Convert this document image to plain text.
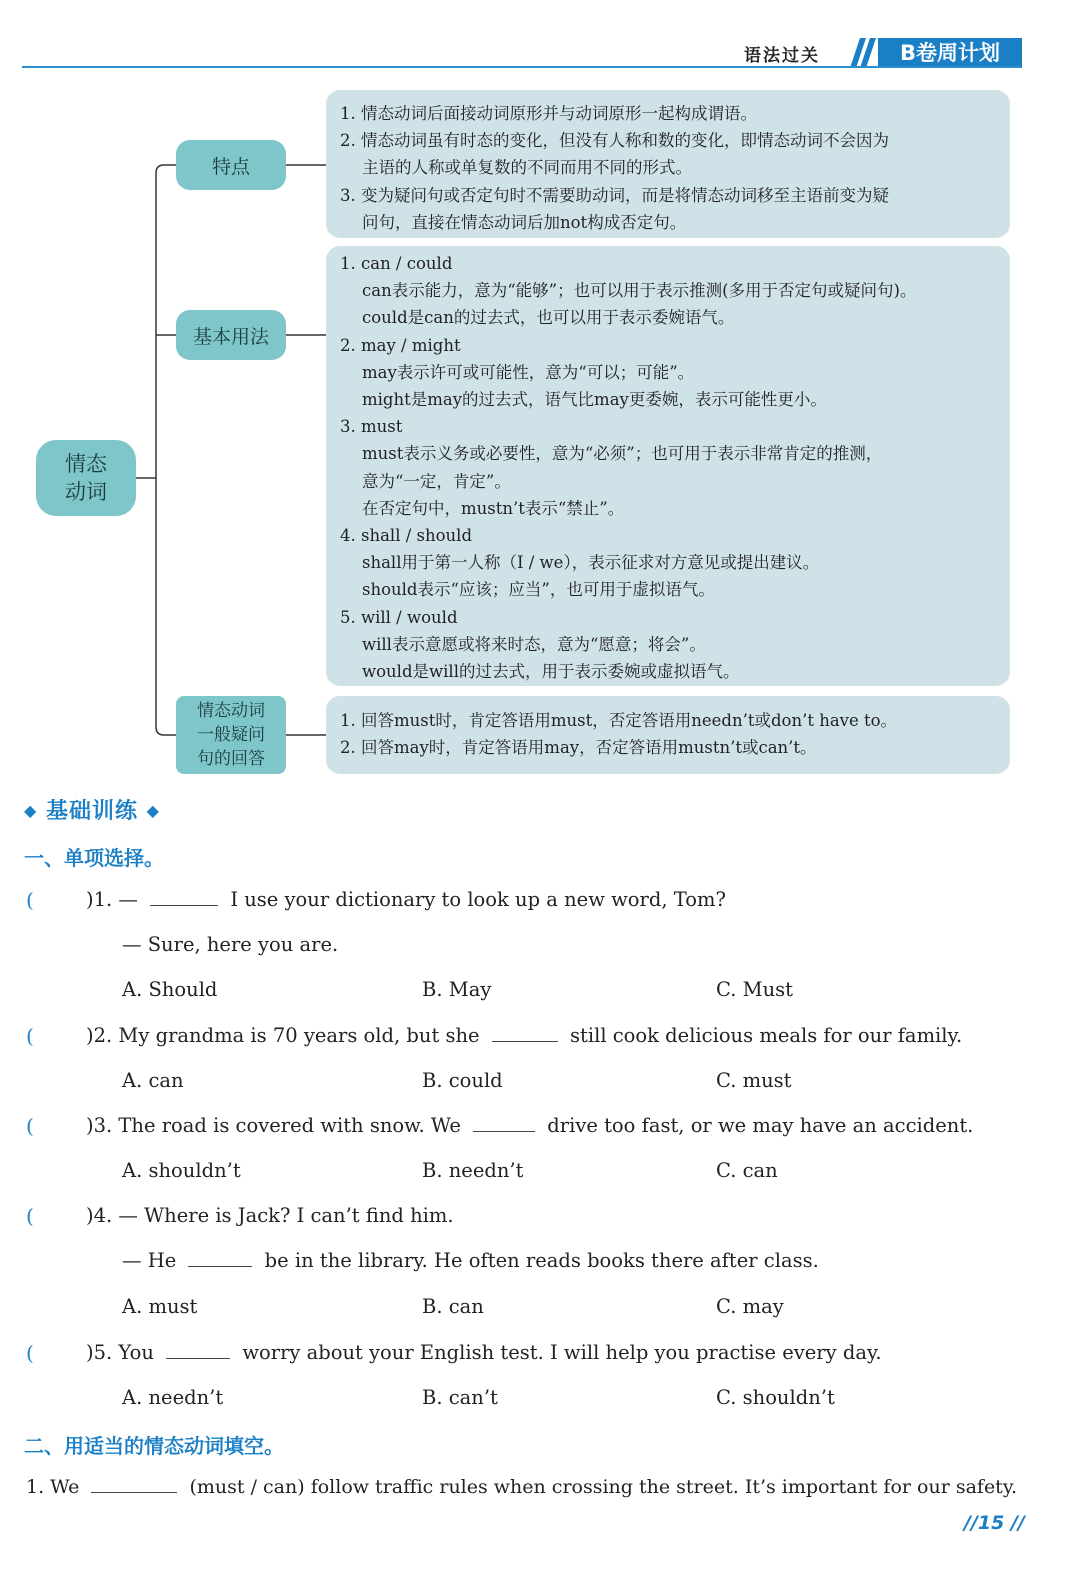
语法过关	B卷周计划
情态动词
特点
基本用法
情态动词
一般疑问
句的回答
1. 情态动词后面接动词原形并与动词原形一起构成谓语。
2. 情态动词虽有时态的变化，但没有人称和数的变化，即情态动词不会因为
主语的人称或单复数的不同而用不同的形式。
3. 变为疑问句或否定句时不需要助动词，而是将情态动词移至主语前变为疑
问句，直接在情态动词后加not构成否定句。
1. can / could
can表示能力，意为“能够”；也可以用于表示推测(多用于否定句或疑问句)。
could是can的过去式，也可以用于表示委婉语气。
2. may / might
may表示许可或可能性，意为“可以；可能”。
might是may的过去式，语气比may更委婉，表示可能性更小。
3. must
must表示义务或必要性，意为“必须”；也可用于表示非常肯定的推测，
意为“一定，肯定”。
在否定句中，mustn’t表示“禁止”。
4. shall / should
shall用于第一人称（I / we），表示征求对方意见或提出建议。
should表示“应该；应当”，也可用于虚拟语气。
5. will / would
will表示意愿或将来时态，意为“愿意；将会”。
would是will的过去式，用于表示委婉或虚拟语气。
1. 回答must时，肯定答语用must，否定答语用needn’t或don’t have to。
2. 回答may时，肯定答语用may，否定答语用mustn’t或can’t。
◆ 基础训练 ◆
一、单项选择。
(	)1. —	I use your dictionary to look up a new word, Tom?
— Sure, here you are.
A. Should	B. May	C. Must
(	)2. My grandma is 70 years old, but she	still cook delicious meals for our family.
A. can	B. could	C. must
(	)3. The road is covered with snow. We	drive too fast, or we may have an accident.
A. shouldn’t	B. needn’t	C. can
(	)4. — Where is Jack? I can’t find him.
— He	be in the library. He often reads books there after class.
A. must	B. can	C. may
(	)5. You	worry about your English test. I will help you practise every day.
A. needn’t	B. can’t	C. shouldn’t
二、用适当的情态动词填空。
1. We	(must / can) follow traffic rules when crossing the street. It’s important for our safety.
//15 //
